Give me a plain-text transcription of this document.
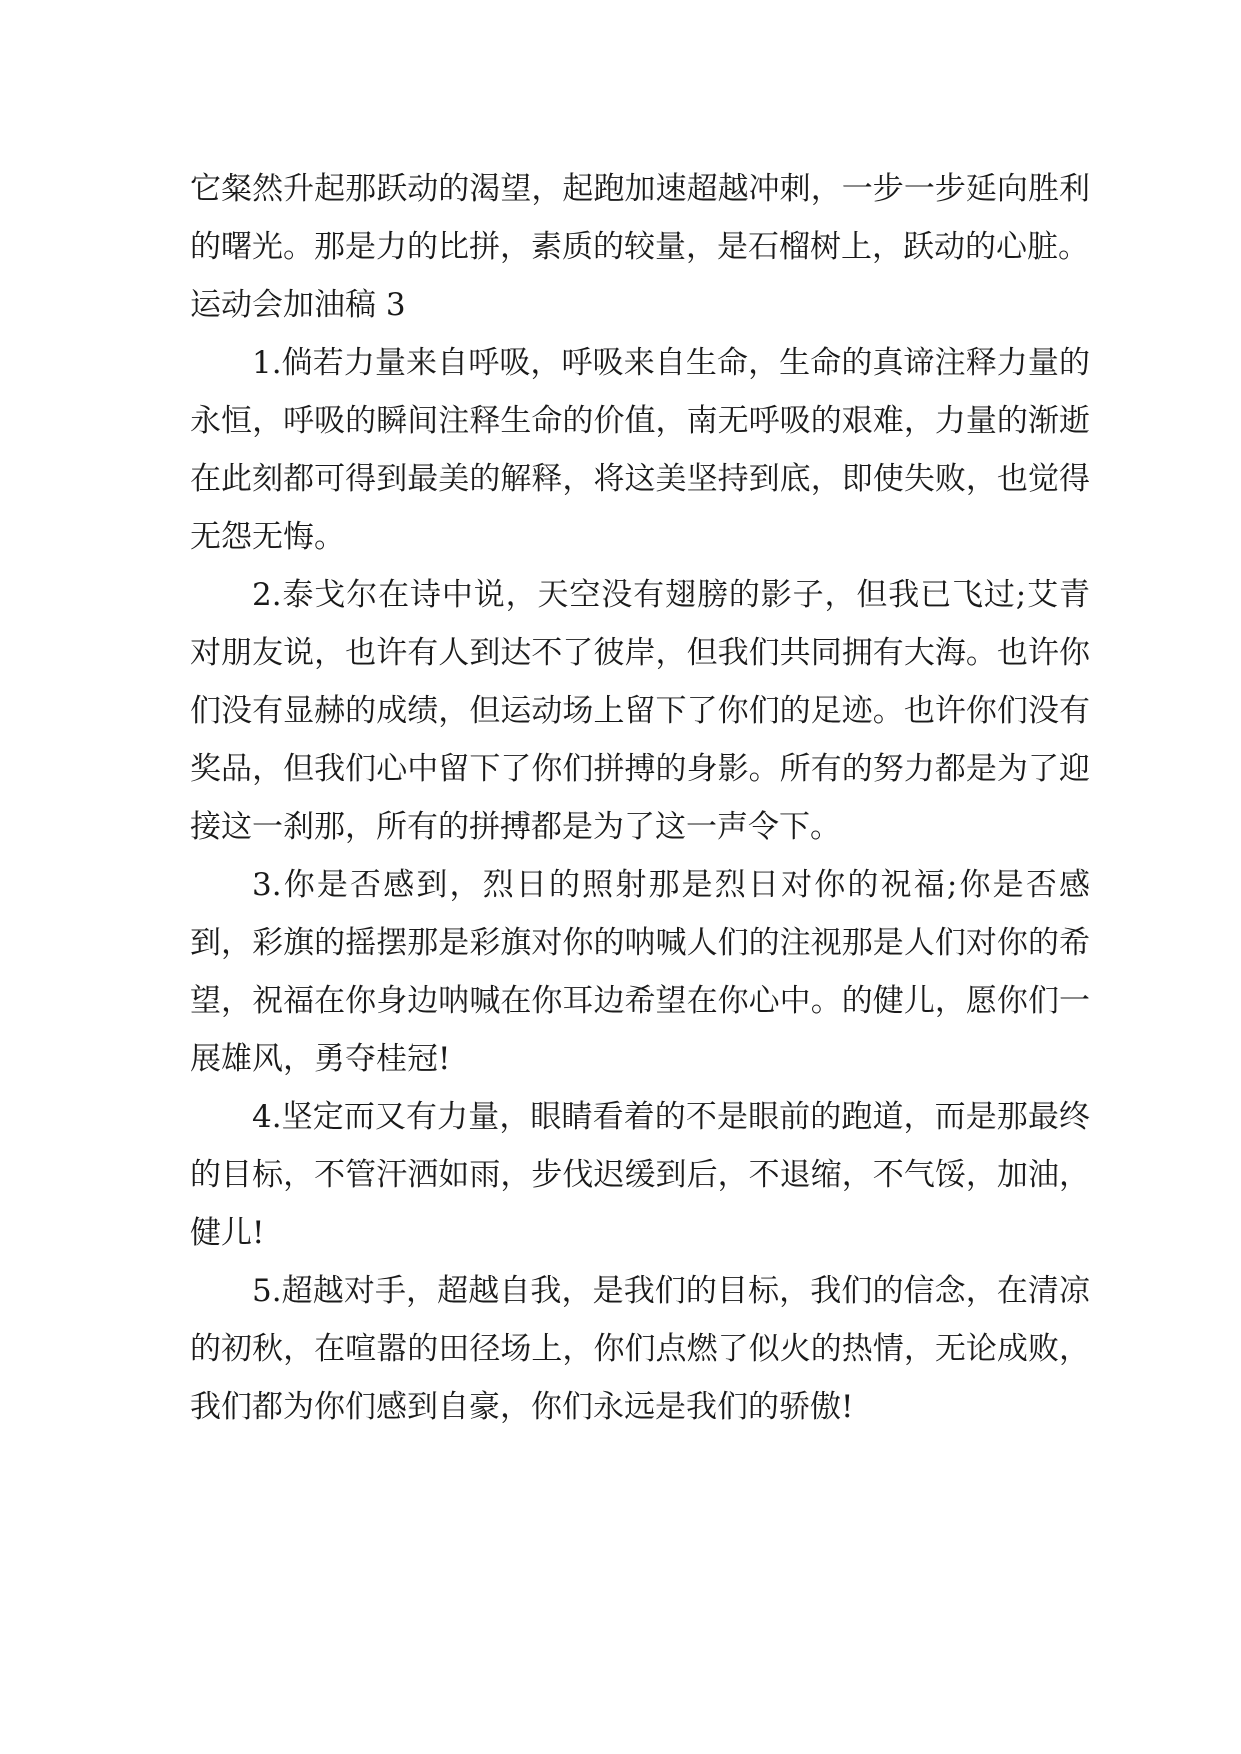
它粲然升起那跃动的渴望，起跑加速超越冲刺，一步一步延向胜利的曙光。那是力的比拼，素质的较量，是石榴树上，跃动的心脏。

运动会加油稿 3

1.倘若力量来自呼吸，呼吸来自生命，生命的真谛注释力量的永恒，呼吸的瞬间注释生命的价值，南无呼吸的艰难，力量的渐逝在此刻都可得到最美的解释，将这美坚持到底，即使失败，也觉得无怨无悔。

2.泰戈尔在诗中说，天空没有翅膀的影子，但我已飞过;艾青对朋友说，也许有人到达不了彼岸，但我们共同拥有大海。也许你们没有显赫的成绩，但运动场上留下了你们的足迹。也许你们没有奖品，但我们心中留下了你们拼搏的身影。所有的努力都是为了迎接这一刹那，所有的拼搏都是为了这一声令下。

3.你是否感到，烈日的照射那是烈日对你的祝福;你是否感到，彩旗的摇摆那是彩旗对你的呐喊人们的注视那是人们对你的希望，祝福在你身边呐喊在你耳边希望在你心中。的健儿，愿你们一展雄风，勇夺桂冠!

4.坚定而又有力量，眼睛看着的不是眼前的跑道，而是那最终的目标，不管汗洒如雨，步伐迟缓到后，不退缩，不气馁，加油，健儿!

5.超越对手，超越自我，是我们的目标，我们的信念，在清凉的初秋，在喧嚣的田径场上，你们点燃了似火的热情，无论成败，我们都为你们感到自豪，你们永远是我们的骄傲!
